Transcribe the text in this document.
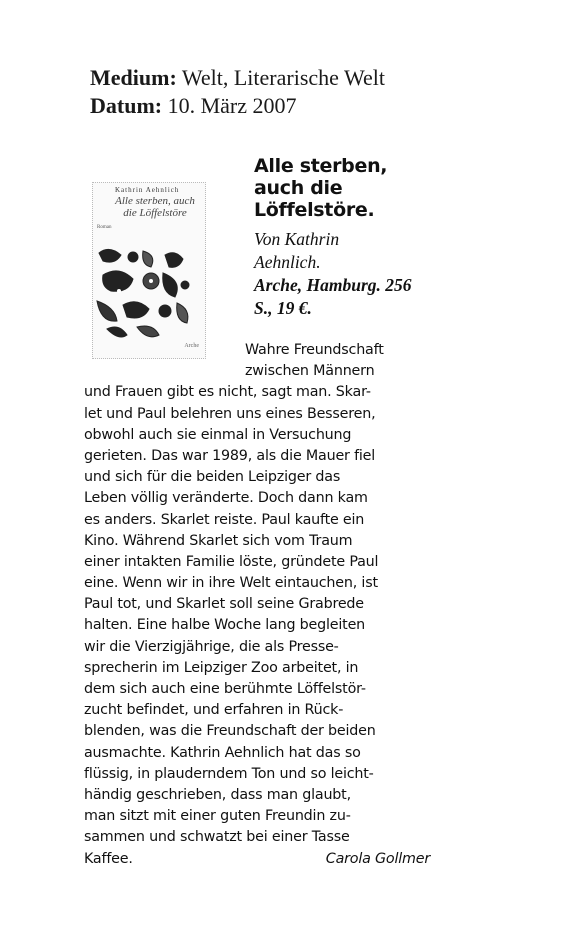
Medium: Welt, Literarische Welt
Datum: 10. März 2007
Kathrin Aehnlich
Alle sterben, auch
die Löffelstöre
Roman
Arche
Alle sterben,
auch die
Löffelstöre.
Von Kathrin
Aehnlich.
Arche, Hamburg. 256
S., 19 €.
Wahre Freundschaft
zwischen Männern
und Frauen gibt es nicht, sagt man. Skar-
let und Paul belehren uns eines Besseren,
obwohl auch sie einmal in Versuchung
gerieten. Das war 1989, als die Mauer fiel
und sich für die beiden Leipziger das
Leben völlig veränderte. Doch dann kam
es anders. Skarlet reiste. Paul kaufte ein
Kino. Während Skarlet sich vom Traum
einer intakten Familie löste, gründete Paul
eine. Wenn wir in ihre Welt eintauchen, ist
Paul tot, und Skarlet soll seine Grabrede
halten. Eine halbe Woche lang begleiten
wir die Vierzigjährige, die als Presse-
sprecherin im Leipziger Zoo arbeitet, in
dem sich auch eine berühmte Löffelstör-
zucht befindet, und erfahren in Rück-
blenden, was die Freundschaft der beiden
ausmachte. Kathrin Aehnlich hat das so
flüssig, in plauderndem Ton und so leicht-
händig geschrieben, dass man glaubt,
man sitzt mit einer guten Freundin zu-
sammen und schwatzt bei einer Tasse
Kaffee.	Carola Gollmer
